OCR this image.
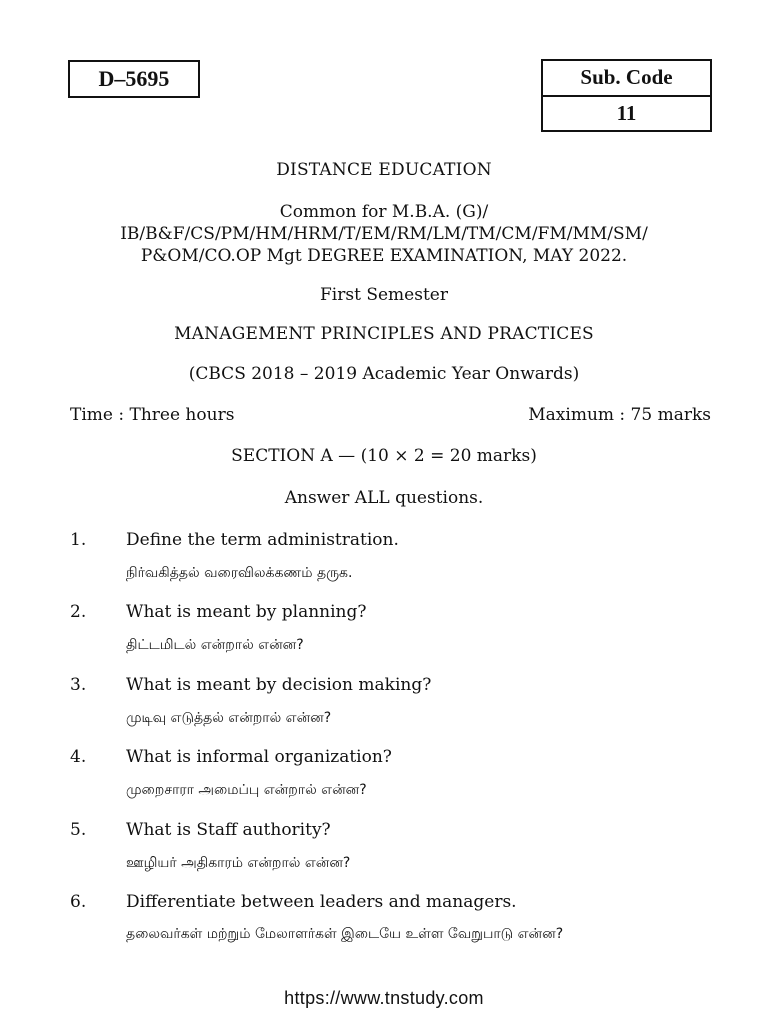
D–5695	Sub. Code
11
DISTANCE EDUCATION
Common for M.B.A. (G)/
IB/B&F/CS/PM/HM/HRM/T/EM/RM/LM/TM/CM/FM/MM/SM/
P&OM/CO.OP Mgt DEGREE EXAMINATION, MAY 2022.
First Semester
MANAGEMENT PRINCIPLES AND PRACTICES
(CBCS 2018 – 2019 Academic Year Onwards)
Time : Three hours	Maximum : 75 marks
SECTION A — (10 × 2 = 20 marks)
Answer ALL questions.
1. Define the term administration.
நிர்வகித்தல் வரைவிலக்கணம் தருக.
2. What is meant by planning?
திட்டமிடல் என்றால் என்ன?
3. What is meant by decision making?
முடிவு எடுத்தல் என்றால் என்ன?
4. What is informal organization?
முறைசாரா அமைப்பு என்றால் என்ன?
5. What is Staff authority?
ஊழியர் அதிகாரம் என்றால் என்ன?
6. Differentiate between leaders and managers.
தலைவர்கள் மற்றும் மேலாளர்கள் இடையே உள்ள வேறுபாடு என்ன?
https://www.tnstudy.com
